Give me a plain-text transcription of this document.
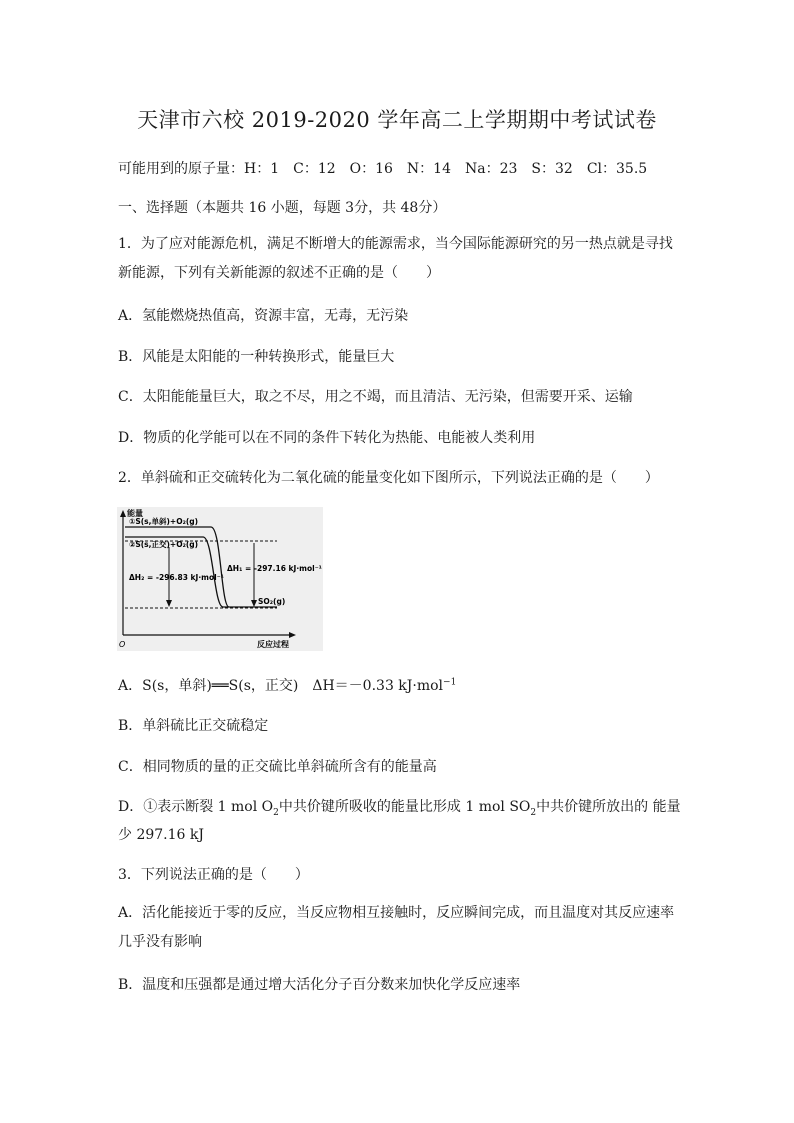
天津市六校 2019-2020 学年高二上学期期中考试试卷
可能用到的原子量：H：1　C：12　O：16　N：14　Na：23　S：32　Cl：35.5
一、选择题（本题共 16 小题，每题 3分，共 48分）
1．为了应对能源危机，满足不断增大的能源需求，当今国际能源研究的另一热点就是寻找新能源，下列有关新能源的叙述不正确的是（　　）
A．氢能燃烧热值高，资源丰富，无毒，无污染
B．风能是太阳能的一种转换形式，能量巨大
C．太阳能能量巨大，取之不尽，用之不竭，而且清洁、无污染，但需要开采、运输
D．物质的化学能可以在不同的条件下转化为热能、电能被人类利用
2．单斜硫和正交硫转化为二氧化硫的能量变化如下图所示，下列说法正确的是（　　）
能量
O	反应过程
①S(s,单斜)+O₂(g)
②S(s,正交)+O₂(g)
SO₂(g)
ΔH₂ = -296.83 kJ·mol⁻¹
ΔH₁ = -297.16 kJ·mol⁻¹
A．S(s，单斜)══S(s，正交)　ΔH＝－0.33 kJ·mol$^{-1}$
B．单斜硫比正交硫稳定
C．相同物质的量的正交硫比单斜硫所含有的能量高
D．①表示断裂 1 mol $O_2$中共价键所吸收的能量比形成 1 mol $SO_2$中共价键所放出的 能量
少 297.16 kJ
3．下列说法正确的是（　　）
A．活化能接近于零的反应，当反应物相互接触时，反应瞬间完成，而且温度对其反应速率几乎没有影响
B．温度和压强都是通过增大活化分子百分数来加快化学反应速率
